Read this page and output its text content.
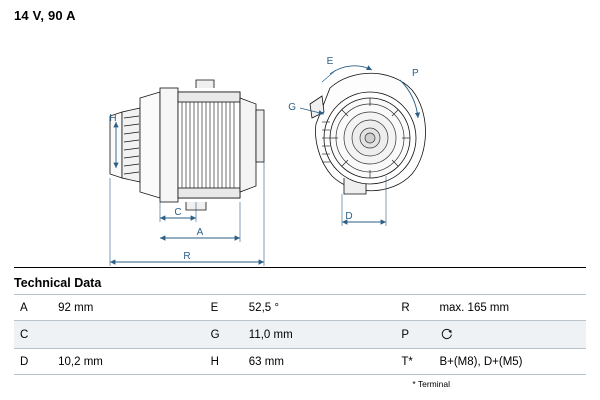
14 V, 90 A
H
C
A
R
E
G
P
D
Technical Data
A	92 mm	E	52,5 °	R	max. 165 mm
C		G	11,0 mm	P	
D	10,2 mm	H	63 mm	T*	B+(M8), D+(M5)
* Terminal
